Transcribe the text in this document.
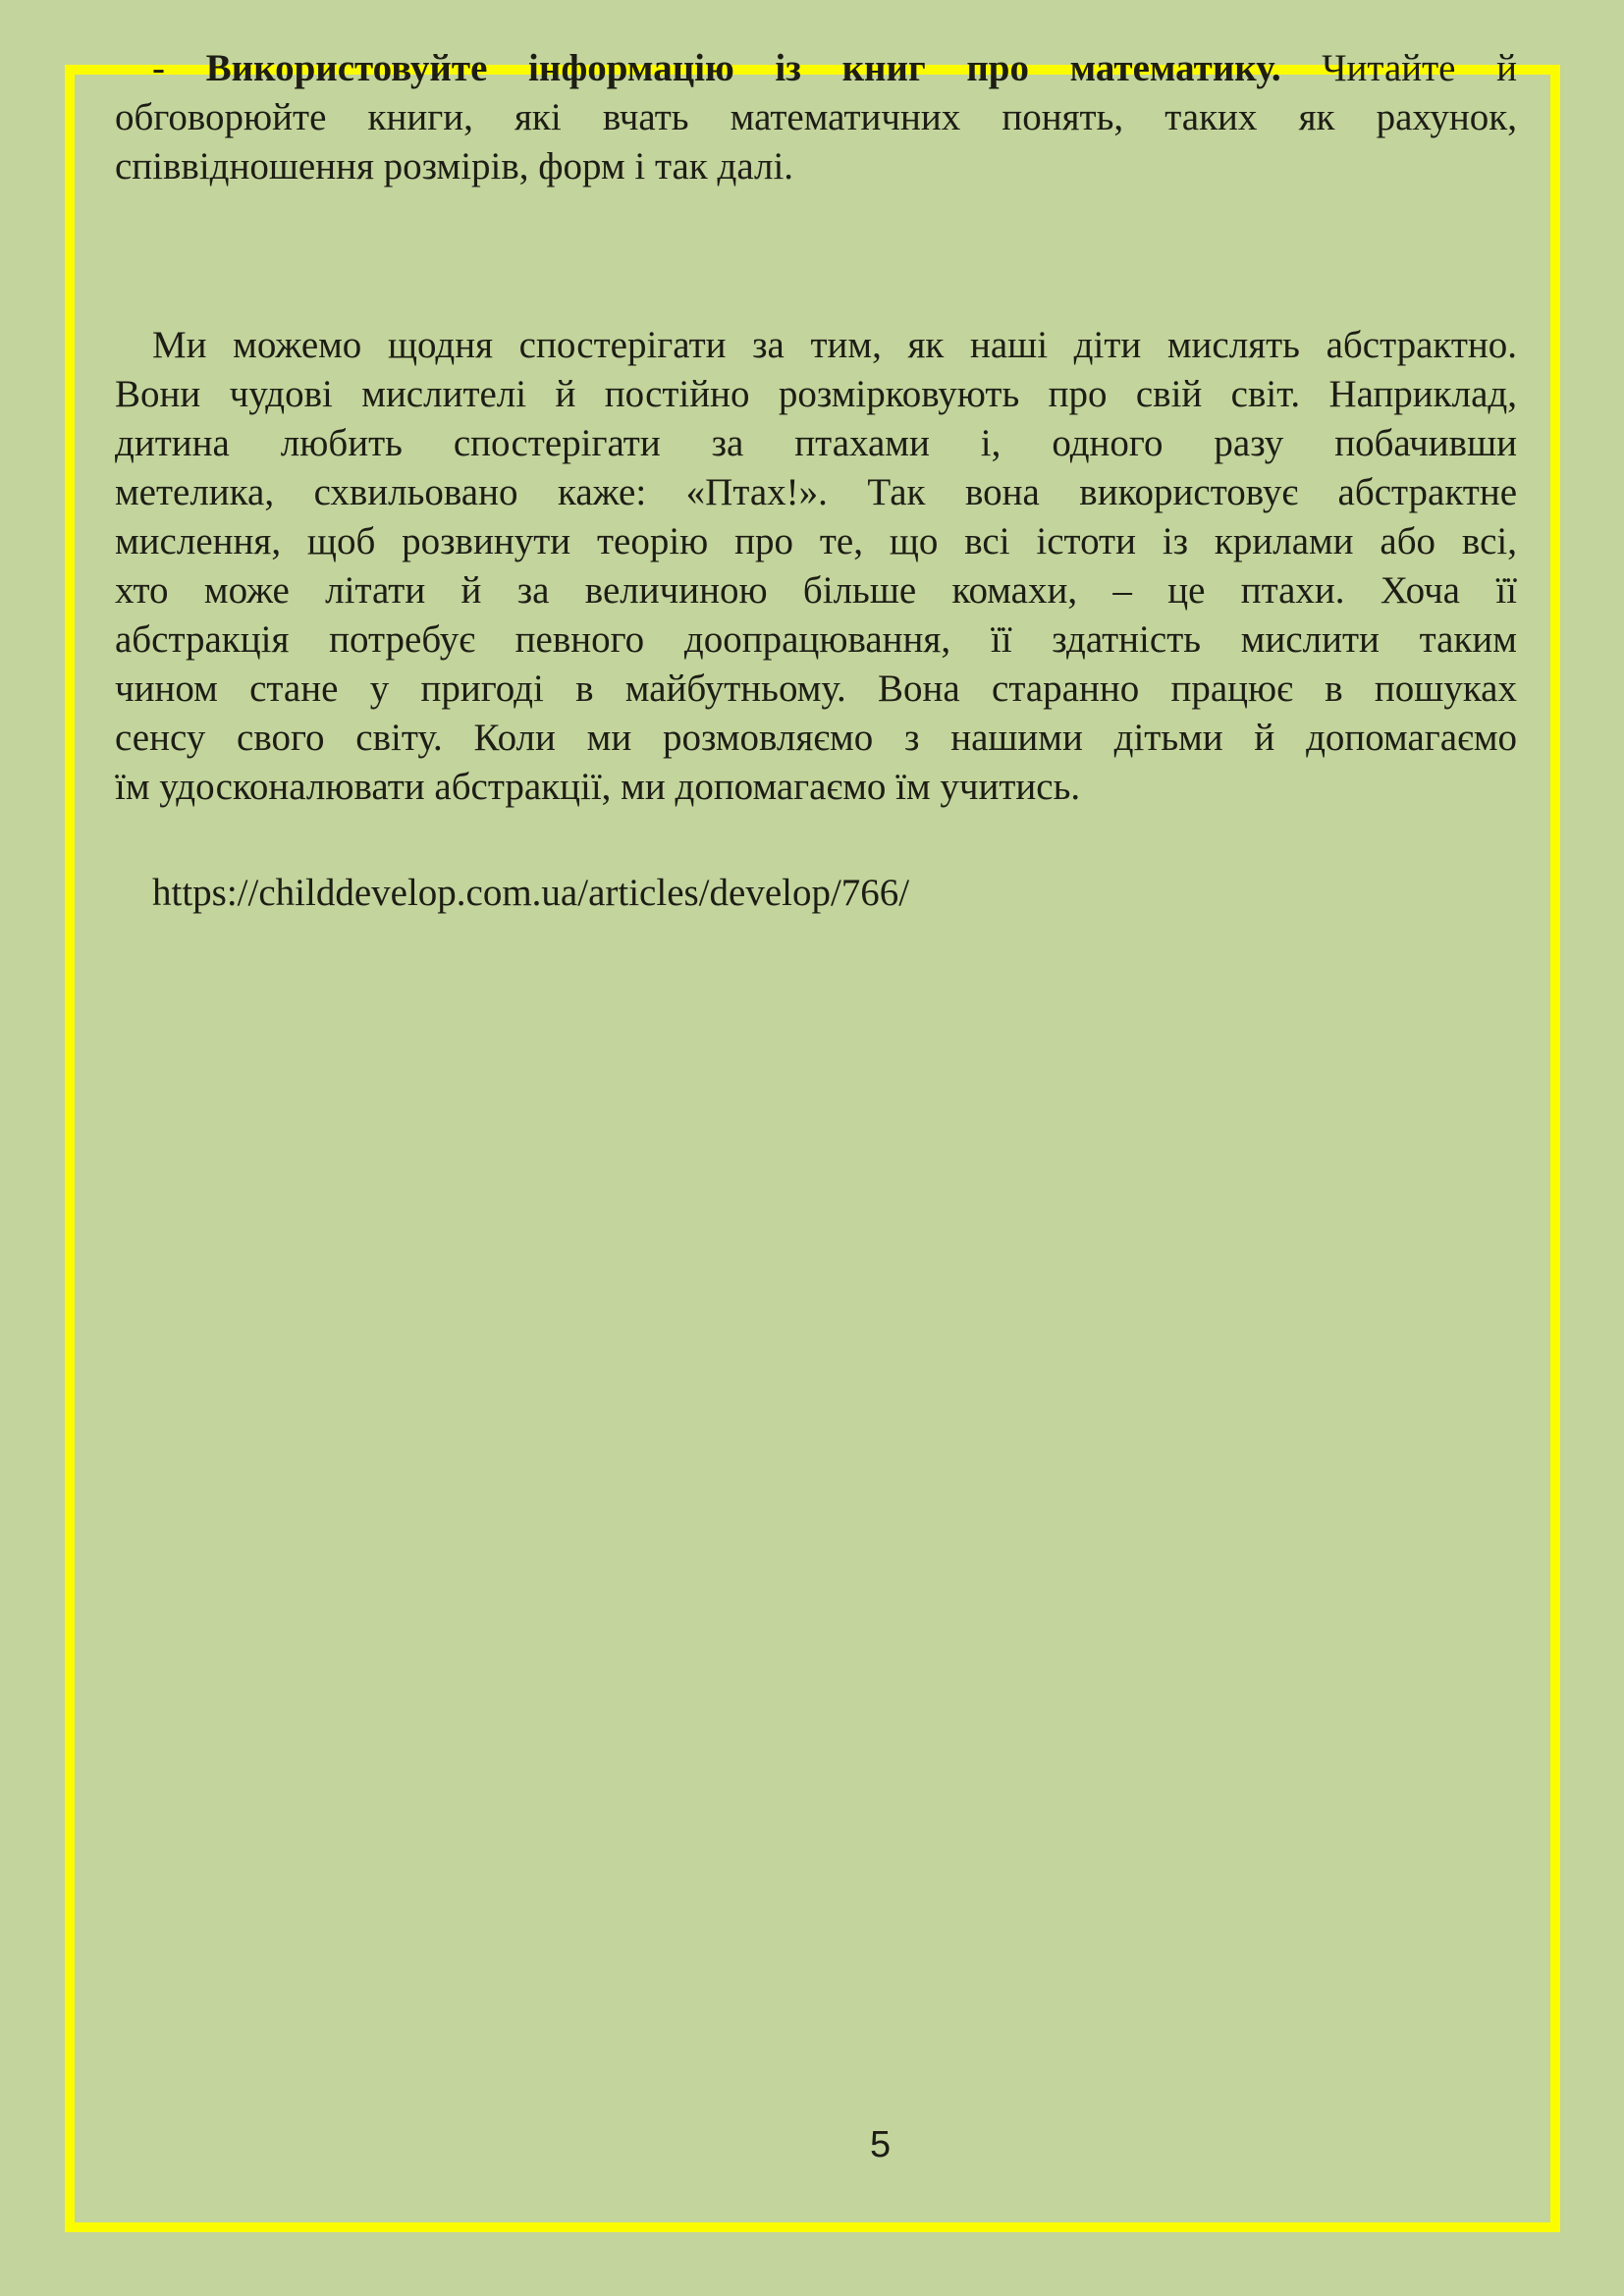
- Використовуйте інформацію із книг про математику. Читайте й
обговорюйте книги, які вчать математичних понять, таких як рахунок,
співвідношення розмірів, форм і так далі.
Ми можемо щодня спостерігати за тим, як наші діти мислять абстрактно.
Вони чудові мислителі й постійно розмірковують про свій світ. Наприклад,
дитина любить спостерігати за птахами і, одного разу побачивши
метелика, схвильовано каже: «Птах!». Так вона використовує абстрактне
мислення, щоб розвинути теорію про те, що всі істоти із крилами або всі,
хто може літати й за величиною більше комахи, – це птахи. Хоча її
абстракція потребує певного доопрацювання, її здатність мислити таким
чином стане у пригоді в майбутньому. Вона старанно працює в пошуках
сенсу свого світу. Коли ми розмовляємо з нашими дітьми й допомагаємо
їм удосконалювати абстракції, ми допомагаємо їм учитись.
https://childdevelop.com.ua/articles/develop/766/
5
